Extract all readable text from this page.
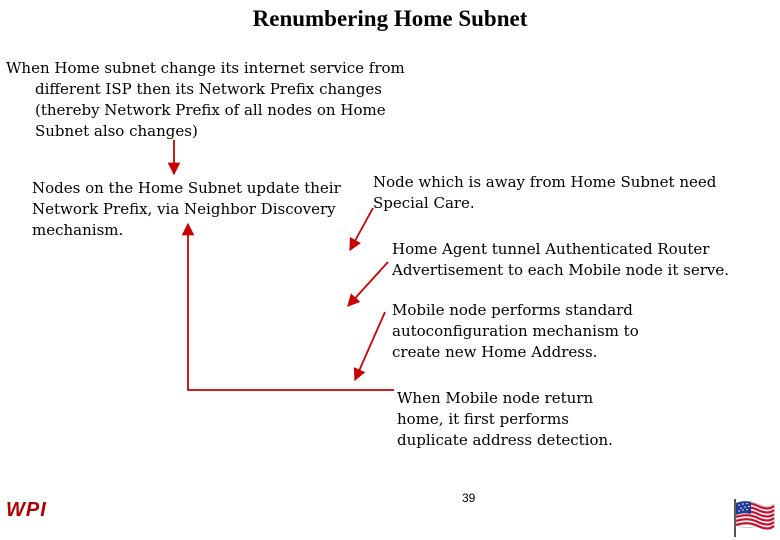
Renumbering Home Subnet
When Home subnet change its internet service from
different ISP then its Network Prefix changes
(thereby Network Prefix of all nodes on Home
Subnet also changes)
Nodes on the Home Subnet update their
Network Prefix, via Neighbor Discovery
mechanism.
Node which is away from Home Subnet need
Special Care.
Home Agent tunnel Authenticated Router
Advertisement to each Mobile node it serve.
Mobile node performs standard
autoconfiguration mechanism to
create new Home Address.
When Mobile node return
home, it first performs
duplicate address detection.
WPI
39
